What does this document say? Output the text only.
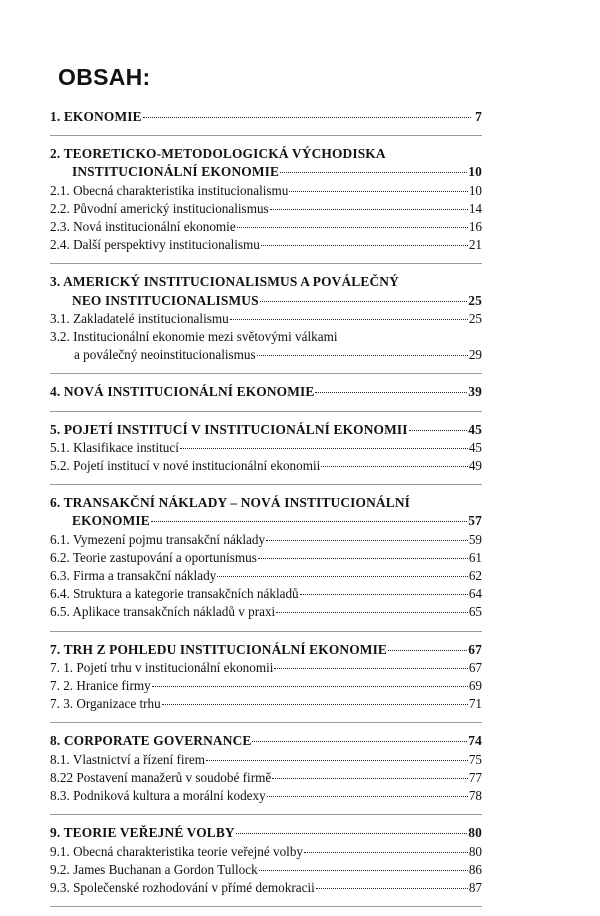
OBSAH:
1. EKONOMIE	7
2. TEORETICKO-METODOLOGICKÁ VÝCHODISKA
INSTITUCIONÁLNÍ EKONOMIE	10
2.1. Obecná charakteristika institucionalismu	10
2.2. Původní americký institucionalismus	14
2.3. Nová institucionální ekonomie	16
2.4. Další perspektivy institucionalismu	21
3. AMERICKÝ INSTITUCIONALISMUS A POVÁLEČNÝ
NEO INSTITUCIONALISMUS	25
3.1. Zakladatelé institucionalismu	25
3.2. Institucionální ekonomie mezi světovými válkami
a poválečný neoinstitucionalismus	29
4. NOVÁ INSTITUCIONÁLNÍ EKONOMIE	39
5. POJETÍ INSTITUCÍ V INSTITUCIONÁLNÍ EKONOMII	45
5.1. Klasifikace institucí	45
5.2. Pojetí institucí v nové institucionální ekonomii	49
6. TRANSAKČNÍ NÁKLADY – NOVÁ INSTITUCIONÁLNÍ
EKONOMIE	57
6.1. Vymezení pojmu transakční náklady	59
6.2. Teorie zastupování a oportunismus	61
6.3. Firma a transakční náklady	62
6.4. Struktura a kategorie transakčních nákladů	64
6.5. Aplikace transakčních nákladů v praxi	65
7. TRH Z POHLEDU INSTITUCIONÁLNÍ EKONOMIE	67
7. 1. Pojetí trhu v institucionální ekonomii	67
7. 2. Hranice firmy	69
7. 3. Organizace trhu	71
8. CORPORATE GOVERNANCE	74
8.1. Vlastnictví a řízení firem	75
8.22 Postavení manažerů v soudobé firmě	77
8.3. Podniková kultura a morální kodexy	78
9. TEORIE VEŘEJNÉ VOLBY	80
9.1. Obecná charakteristika teorie veřejné volby	80
9.2. James Buchanan a Gordon Tullock	86
9.3. Společenské rozhodování v přímé demokracii	87
